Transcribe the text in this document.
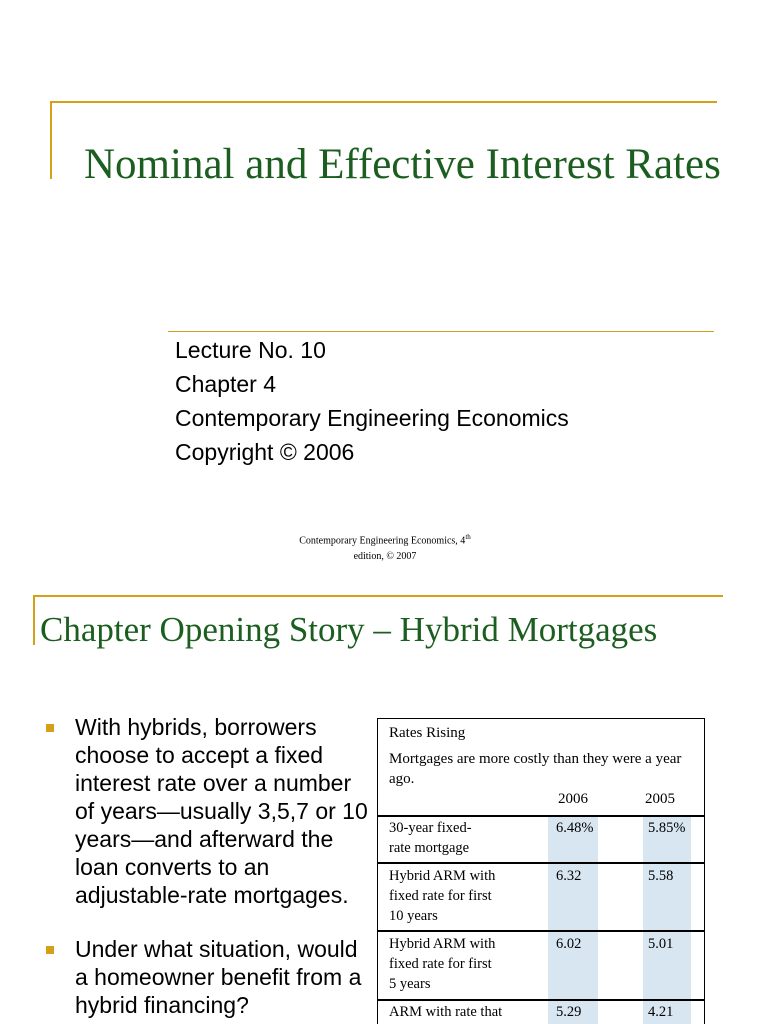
Nominal and Effective Interest Rates
Lecture No. 10
Chapter 4
Contemporary Engineering Economics
Copyright © 2006
Contemporary Engineering Economics, 4th
edition, © 2007
Chapter Opening Story – Hybrid Mortgages
With hybrids, borrowers choose to accept a fixed interest rate over a number of years—usually 3,5,7 or 10 years—and afterward the loan converts to an adjustable-rate mortgages.
Under what situation, would a homeowner benefit from a hybrid financing?
Rates Rising
Mortgages are more costly than they were a year ago.
2006	2005
30-year fixed-
rate mortgage
6.48%	5.85%
Hybrid ARM with
fixed rate for first
10 years
6.32	5.58
Hybrid ARM with
fixed rate for first
5 years
6.02	5.01
ARM with rate that	5.29	4.21
